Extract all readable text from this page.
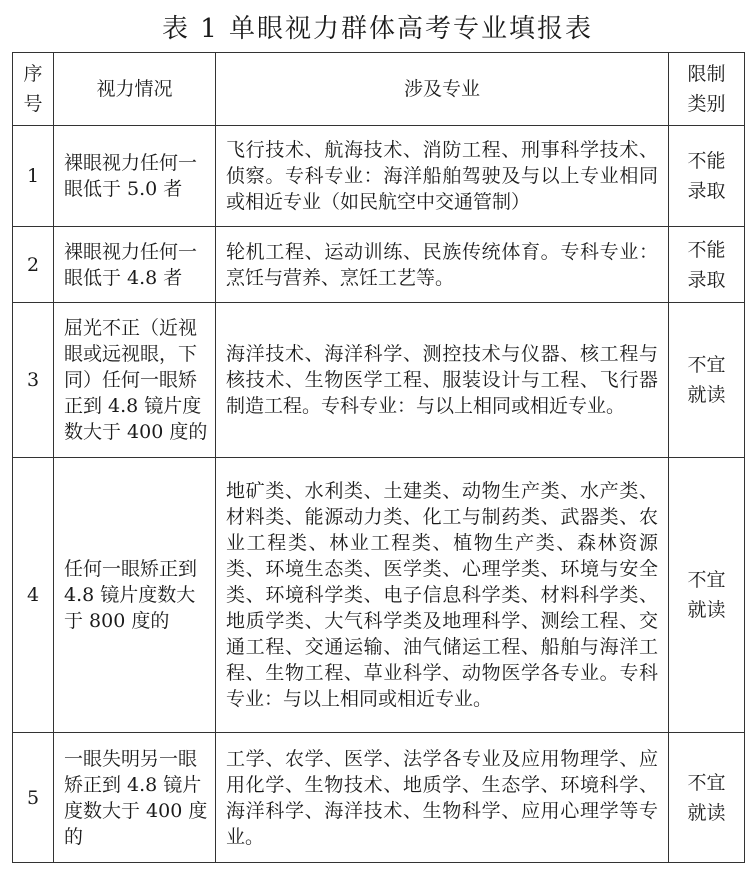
表 1 单眼视力群体高考专业填报表
序
号	视力情况	涉及专业	限制
类别
1	裸眼视力任何一眼低于 5.0 者	飞行技术、航海技术、消防工程、刑事科学技术、侦察。专科专业：海洋船舶驾驶及与以上专业相同或相近专业（如民航空中交通管制）	不能
录取
2	裸眼视力任何一眼低于 4.8 者	轮机工程、运动训练、民族传统体育。专科专业：烹饪与营养、烹饪工艺等。	不能
录取
3	屈光不正（近视眼或远视眼，下同）任何一眼矫正到 4.8 镜片度数大于 400 度的	海洋技术、海洋科学、测控技术与仪器、核工程与核技术、生物医学工程、服装设计与工程、飞行器制造工程。专科专业：与以上相同或相近专业。	不宜
就读
4	任何一眼矫正到 4.8 镜片度数大于 800 度的	地矿类、水利类、土建类、动物生产类、水产类、材料类、能源动力类、化工与制药类、武器类、农业工程类、林业工程类、植物生产类、森林资源类、环境生态类、医学类、心理学类、环境与安全类、环境科学类、电子信息科学类、材料科学类、地质学类、大气科学类及地理科学、测绘工程、交通工程、交通运输、油气储运工程、船舶与海洋工程、生物工程、草业科学、动物医学各专业。专科专业：与以上相同或相近专业。	不宜
就读
5	一眼失明另一眼矫正到 4.8 镜片度数大于 400 度的	工学、农学、医学、法学各专业及应用物理学、应用化学、生物技术、地质学、生态学、环境科学、海洋科学、海洋技术、生物科学、应用心理学等专业。	不宜
就读
